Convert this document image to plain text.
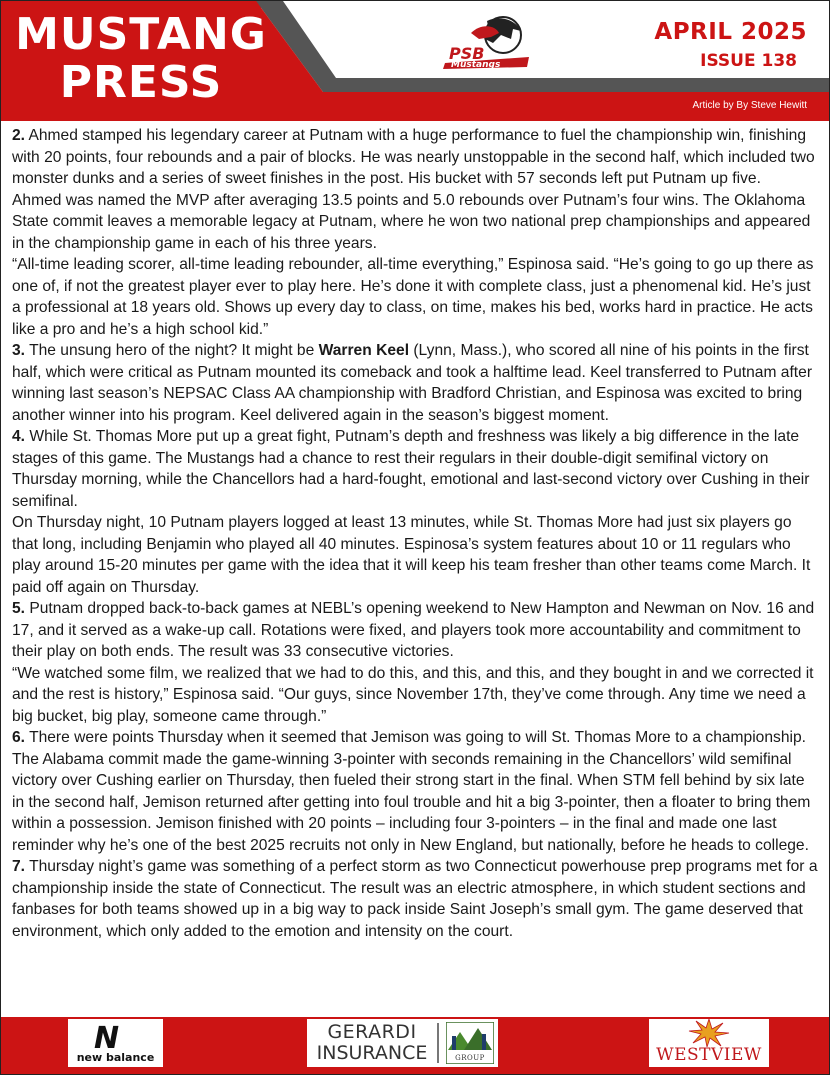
MUSTANG
PRESS
PSB
Mustangs
APRIL 2025
ISSUE 138
Article by By Steve Hewitt

2. Ahmed stamped his legendary career at Putnam with a huge performance to fuel the championship win, finishing with 20 points, four rebounds and a pair of blocks. He was nearly unstoppable in the second half, which included two monster dunks and a series of sweet finishes in the post. His bucket with 57 seconds left put Putnam up five.

Ahmed was named the MVP after averaging 13.5 points and 5.0 rebounds over Putnam’s four wins. The Oklahoma State commit leaves a memorable legacy at Putnam, where he won two national prep championships and appeared in the championship game in each of his three years.

“All-time leading scorer, all-time leading rebounder, all-time everything,” Espinosa said. “He’s going to go up there as one of, if not the greatest player ever to play here. He’s done it with complete class, just a phenomenal kid. He’s just a professional at 18 years old. Shows up every day to class, on time, makes his bed, works hard in practice. He acts like a pro and he’s a high school kid.”

3. The unsung hero of the night? It might be Warren Keel (Lynn, Mass.), who scored all nine of his points in the first half, which were critical as Putnam mounted its comeback and took a halftime lead. Keel transferred to Putnam after winning last season’s NEPSAC Class AA championship with Bradford Christian, and Espinosa was excited to bring another winner into his program. Keel delivered again in the season’s biggest moment.

4. While St. Thomas More put up a great fight, Putnam’s depth and freshness was likely a big difference in the late stages of this game. The Mustangs had a chance to rest their regulars in their double-digit semifinal victory on Thursday morning, while the Chancellors had a hard-fought, emotional and last-second victory over Cushing in their semifinal.

On Thursday night, 10 Putnam players logged at least 13 minutes, while St. Thomas More had just six players go that long, including Benjamin who played all 40 minutes. Espinosa’s system features about 10 or 11 regulars who play around 15-20 minutes per game with the idea that it will keep his team fresher than other teams come March. It paid off again on Thursday.

5. Putnam dropped back-to-back games at NEBL’s opening weekend to New Hampton and Newman on Nov. 16 and 17, and it served as a wake-up call. Rotations were fixed, and players took more accountability and commitment to their play on both ends. The result was 33 consecutive victories.

“We watched some film, we realized that we had to do this, and this, and this, and they bought in and we corrected it and the rest is history,” Espinosa said. “Our guys, since November 17th, they’ve come through. Any time we need a big bucket, big play, someone came through.”

6. There were points Thursday when it seemed that Jemison was going to will St. Thomas More to a championship. The Alabama commit made the game-winning 3-pointer with seconds remaining in the Chancellors’ wild semifinal victory over Cushing earlier on Thursday, then fueled their strong start in the final. When STM fell behind by six late in the second half, Jemison returned after getting into foul trouble and hit a big 3-pointer, then a floater to bring them within a possession. Jemison finished with 20 points – including four 3-pointers – in the final and made one last reminder why he’s one of the best 2025 recruits not only in New England, but nationally, before he heads to college.

7. Thursday night’s game was something of a perfect storm as two Connecticut powerhouse prep programs met for a championship inside the state of Connecticut. The result was an electric atmosphere, in which student sections and fanbases for both teams showed up in a big way to pack inside Saint Joseph’s small gym. The game deserved that environment, which only added to the emotion and intensity on the court.

N
new balance
GERARDI
INSURANCE	GROUP	WESTVIEW
